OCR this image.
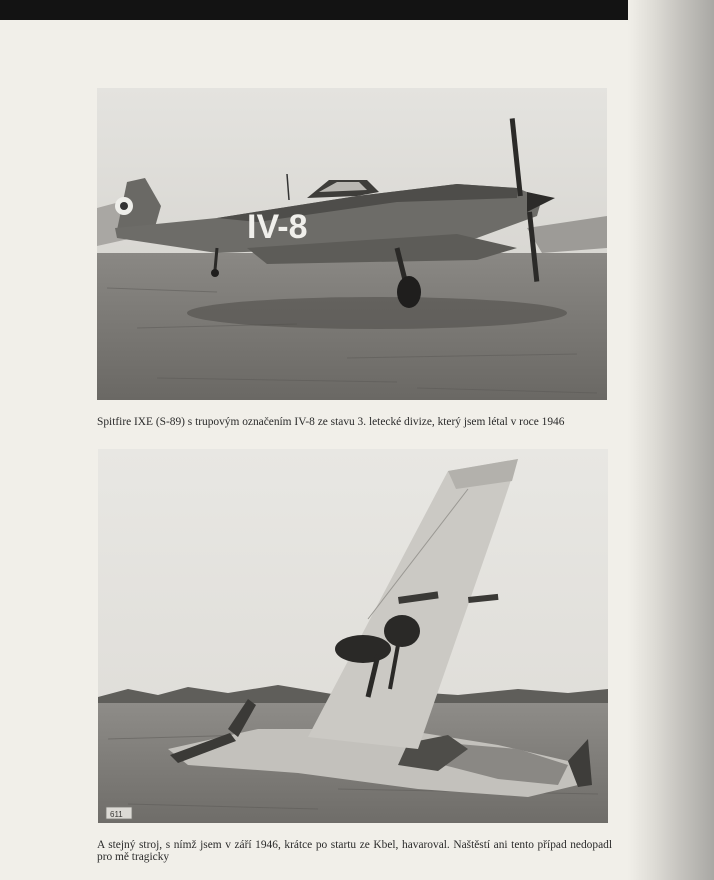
IV-8

Spitfire IXE (S-89) s trupovým označením IV-8 ze stavu 3. letecké divize, který jsem létal v roce 1946

611

A stejný stroj, s nímž jsem v září 1946, krátce po startu ze Kbel, havaroval. Naštěstí ani tento případ nedopadl pro mě tragicky
